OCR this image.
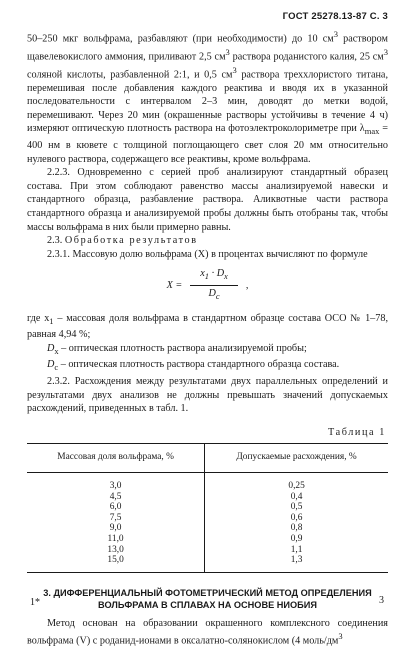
ГОСТ 25278.13-87 С. 3

50–250 мкг вольфрама, разбавляют (при необходимости) до 10 $см^3$ раствором щавелевокислого аммония, приливают 2,5 $см^3$ раствора роданистого калия, 25 $см^3$ соляной кислоты, разбавленной 2:1, и 0,5 $см^3$ раствора треххлористого титана, перемешивая после добавления каждого реактива и вводя их в указанной последовательности с интервалом 2–3 мин, доводят до метки водой, перемешивают. Через 20 мин (окрашенные растворы устойчивы в течение 4 ч) измеряют оптическую плотность раствора на фотоэлектроколориметре при $\lambda_{max} = 400$ нм в кювете с толщиной поглощающего свет слоя 20 мм относительно нулевого раствора, содержащего все реактивы, кроме вольфрама.

2.2.3. Одновременно с серией проб анализируют стандартный образец состава. При этом соблюдают равенство массы анализируемой навески и стандартного образца, разбавление раствора. Аликвотные части раствора стандартного образца и анализируемой пробы должны быть отобраны так, чтобы массы вольфрама в них были примерно равны.

2.3. Обработка результатов

2.3.1. Массовую долю вольфрама (X) в процентах вычисляют по формуле

$X = \frac{x_1 \cdot D_x}{D_c}$ ,

где $x_1$ – массовая доля вольфрама в стандартном образце состава ОСО № 1–78, равная 4,94 %;

$D_x$ – оптическая плотность раствора анализируемой пробы;

$D_c$ – оптическая плотность раствора стандартного образца состава.

2.3.2. Расхождения между результатами двух параллельных определений и результатами двух анализов не должны превышать значений допускаемых расхождений, приведенных в табл. 1.

Таблица 1
Массовая доля вольфрама, %	Допускаемые расхождения, %
3,0	0,25
4,5	0,4
6,0	0,5
7,5	0,6
9,0	0,8
11,0	0,9
13,0	1,1
15,0	1,3
3. ДИФФЕРЕНЦИАЛЬНЫЙ ФОТОМЕТРИЧЕСКИЙ МЕТОД ОПРЕДЕЛЕНИЯ
ВОЛЬФРАМА В СПЛАВАХ НА ОСНОВЕ НИОБИЯ

Метод основан на образовании окрашенного комплексного соединения вольфрама (V) с роданид-ионами в оксалатно-солянокислом (4 моль/$дм^3$

1*	3
